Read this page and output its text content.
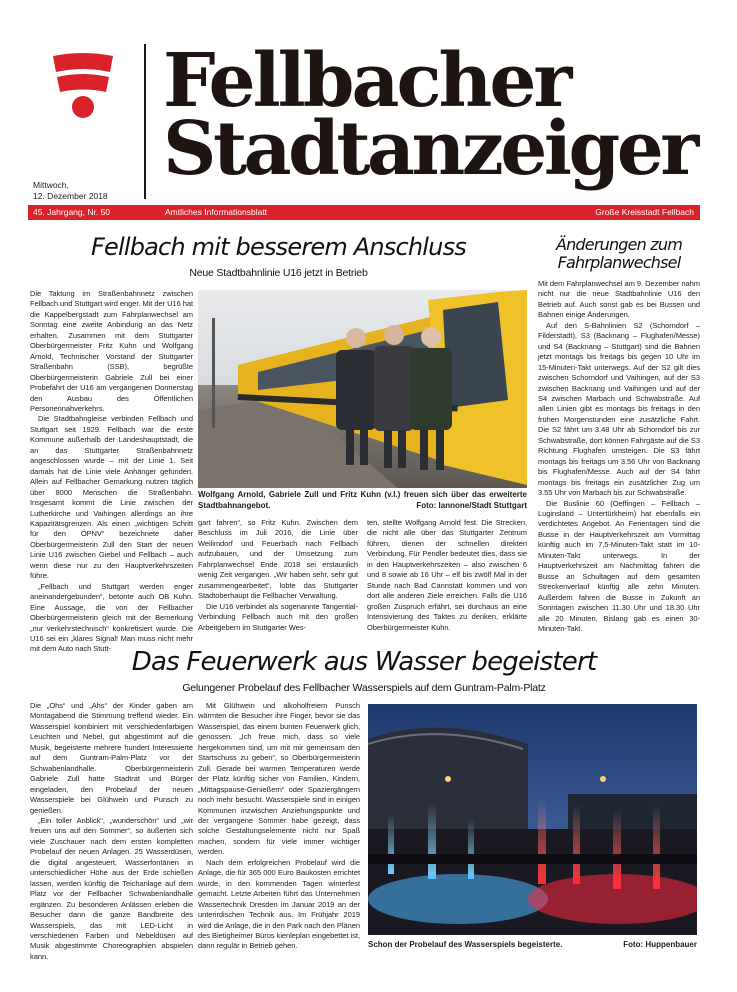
Fellbacher
Stadtanzeiger
Mittwoch,
12. Dezember 2018
45. Jahrgang, Nr. 50	Amtliches Informationsblatt	Große Kreisstadt Fellbach
Fellbach mit besserem Anschluss
Neue Stadtbahnlinie U16 jetzt in Betrieb

Die Taktung im Straßenbahnnetz zwischen Fellbach und Stuttgart wird enger. Mit der U16 hat die Kappelbergstadt zum Fahrplanwechsel am Sonntag eine zweite Anbindung an das Netz erhalten. Zusammen mit dem Stuttgarter Oberbürgermeister Fritz Kuhn und Wolfgang Arnold, Technischer Vorstand der Stuttgarter Straßenbahn (SSB), begrüßte Oberbürgermeisterin Gabriele Zull bei einer Probefahrt der U16 am vergangenen Donnerstag den Ausbau des Öffentlichen Personennahverkehrs.

Die Stadtbahngleise verbinden Fellbach und Stuttgart seit 1929. Fellbach war die erste Kommune außerhalb der Landeshauptstadt, die an das Stuttgarter Straßenbahnnetz angeschlossen wurde – mit der Linie 1. Seit damals hat die Linie viele Anhänger gefunden. Allein auf Fellbacher Gemarkung nutzen täglich über 8000 Menschen die Straßenbahn. Insgesamt kommt die Linie zwischen der Lutherkirche und Vaihingen allerdings an ihre Kapazitätsgrenzen. Als einen „wichtigen Schritt für den ÖPNV“ bezeichnete daher Oberbürgermeisterin Zull den Start der neuen Linie U16 zwischen Giebel und Fellbach – auch wenn diese nur zu den Hauptverkehrszeiten führe.

„Fellbach und Stuttgart werden enger aneinandergebunden“, betonte auch OB Kuhn. Eine Aussage, die von der Fellbacher Oberbürgermeisterin gleich mit der Bemerkung „nur verkehrstechnisch“ konkretisiert wurde. Die U16 sei ein „klares Signal! Man muss nicht mehr mit dem Auto nach Stutt-

Wolfgang Arnold, Gabriele Zull und Fritz Kuhn (v.l.) freuen sich über das erweiterte Stadtbahnangebot.	Foto: Iannone/Stadt Stuttgart

gart fahren“, so Fritz Kuhn. Zwischen dem Beschluss im Juli 2016, die Linie über Weilimdorf und Feuerbach nach Fellbach aufzubauen, und der Umsetzung zum Fahrplanwechsel Ende 2018 sei erstaunlich wenig Zeit vergangen. „Wir haben sehr, sehr gut zusammengearbeitet“, lobte das Stuttgarter Stadtoberhaupt die Fellbacher Verwaltung.

Die U16 verbindet als sogenannte Tangential-Verbindung Fellbach auch mit den großen Arbeitgebern im Stuttgarter Wes-

ten, stellte Wolfgang Arnold fest. Die Strecken, die nicht alle über das Stuttgarter Zentrum führen, dienen der schnellen direkten Verbindung. Für Pendler bedeutet dies, dass sie in den Hauptverkehrszeiten – also zwischen 6 und 8 sowie ab 16 Uhr – elf bis zwölf Mal in der Stunde nach Bad Cannstatt kommen und von dort alle anderen Ziele erreichen. Falls die U16 großen Zuspruch erfährt, sei durchaus an eine Intensivierung des Taktes zu denken, erklärte Oberbürgermeister Kuhn.

Änderungen zum
Fahrplanwechsel

Mit dem Fahrplanwechsel am 9. Dezember nahm nicht nur die neue Stadtbahnlinie U16 den Betrieb auf. Auch sonst gab es bei Bussen und Bahnen einige Änderungen.

Auf den S-Bahnlinien S2 (Schorndorf – Filderstadt), S3 (Backnang – Flughafen/Messe) und S4 (Backnang – Stuttgart) sind die Bahnen jetzt montags bis freitags bis gegen 10 Uhr im 15-Minuten-Takt unterwegs. Auf der S2 gilt dies zwischen Schorndorf und Vaihingen, auf der S3 zwischen Backnang und Vaihingen und auf der S4 zwischen Marbach und Schwabstraße. Auf allen Linien gibt es montags bis freitags in den frühen Morgenstunden eine zusätzliche Fahrt. Die S2 fährt um 3.48 Uhr ab Schorndorf bis zur Schwabstraße, dort können Fahrgäste auf die S3 Richtung Flughafen umsteigen. Die S3 fährt montags bis freitags um 3.56 Uhr von Backnang bis Flughafen/Messe. Auch auf der S4 fährt montags bis freitags ein zusätzlicher Zug um 3.55 Uhr von Marbach bis zur Schwabstraße.

Die Buslinie 60 (Oeffingen – Fellbach – Luginsland – Untertürkheim) hat ebenfalls ein verdichtetes Angebot. An Ferientagen sind die Busse in der Hauptverkehrszeit am Vormittag künftig auch im 7,5-Minuten-Takt statt im 10-Minuten-Takt unterwegs. In der Hauptverkehrszeit am Nachmittag fahren die Busse an Schultagen auf dem gesamten Streckenverlauf künftig alle zehn Minuten. Außerdem fahren die Busse in Zukunft an Sonntagen zwischen 11.30 Uhr und 18.30 Uhr alle 20 Minuten. Bislang gab es einen 30-Minuten-Takt.

Das Feuerwerk aus Wasser begeistert
Gelungener Probelauf des Fellbacher Wasserspiels auf dem Guntram-Palm-Platz

Die „Ohs“ und „Ahs“ der Kinder gaben am Montagabend die Stimmung treffend wieder. Ein Wasserspiel kombiniert mit verschiedenfarbigen Leuchten und Nebel, gut abgestimmt auf die Musik, begeisterte mehrere hundert Interessierte auf dem Guntram-Palm-Platz vor der Schwabenlandhalle. Oberbürgermeisterin Gabriele Zull hatte Stadtrat und Bürger eingeladen, den Probelauf der neuen Wasserspiele bei Glühwein und Punsch zu genießen.

„Ein toller Anblick“, „wunderschön“ und „wir freuen uns auf den Sommer“, so äußerten sich viele Zuschauer nach dem ersten kompletten Probelauf der neuen Anlagen. 25 Wasserdüsen, die digital angesteuert, Wasserfontänen in unterschiedlicher Höhe aus der Erde schießen lassen, werden künftig die Teichanlage auf dem Platz vor der Fellbacher Schwabenlandhalle ergänzen. Zu besonderen Anlässen erleben die Besucher dann die ganze Bandbreite des Wasserspiels, das mit LED-Licht in verschiedenen Farben und Nebeldüsen auf Musik abgestimmte Choreographien abspielen kann.

Mit Glühwein und alkoholfreiem Punsch wärmten die Besucher ihre Finger, bevor sie das Wasserspiel, das einem bunten Feuerwerk glich, genossen. „Ich freue mich, dass so viele hergekommen sind, um mit mir gemeinsam den Startschuss zu geben“, so Oberbürgermeisterin Zull. Gerade bei warmen Temperaturen werde der Platz künftig sicher von Familien, Kindern, „Mittagspause-Genießern“ oder Spaziergängern noch mehr besucht. Wasserspiele sind in einigen Kommunen inzwischen Anziehungspunkte und der vergangene Sommer habe gezeigt, dass solche Gestaltungselemente nicht nur Spaß machen, sondern für viele immer wichtiger werden.

Nach dem erfolgreichen Probelauf wird die Anlage, die für 365 000 Euro Baukosten errichtet wurde, in den kommenden Tagen winterfest gemacht. Letzte Arbeiten führt das Unternehmen Wassertechnik Dresden im Januar 2019 an der unterirdischen Technik aus. Im Frühjahr 2019 wird die Anlage, die in den Park nach den Plänen des Bietigheimer Büros kienleplan eingebettet ist, dann regulär in Betrieb gehen.	Schon der Probelauf des Wasserspiels begeisterte.	Foto: Huppenbauer
